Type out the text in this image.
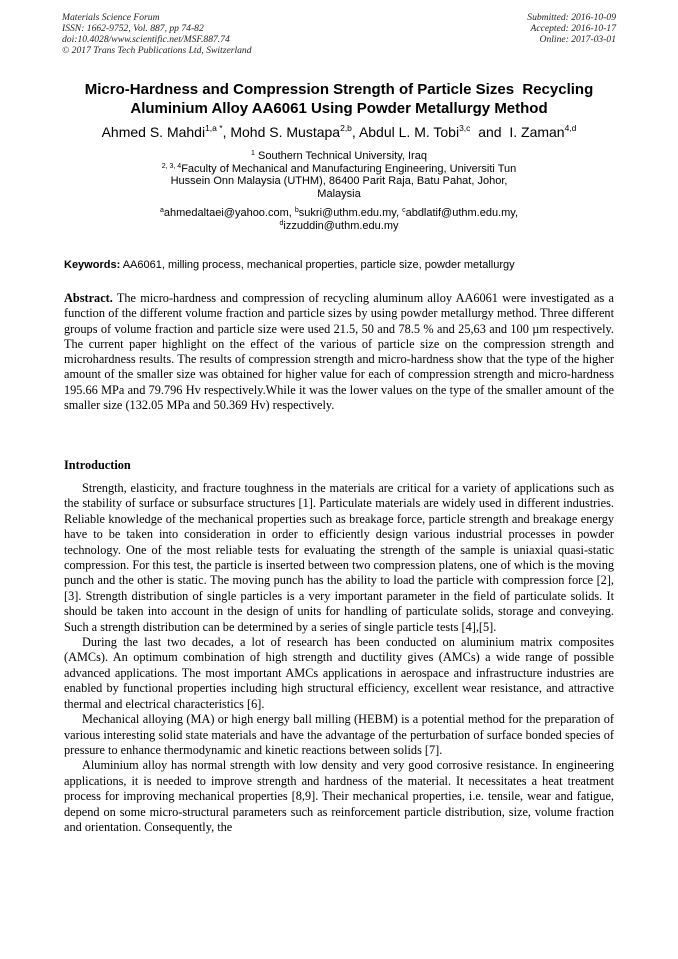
Materials Science Forum
ISSN: 1662-9752, Vol. 887, pp 74-82
doi:10.4028/www.scientific.net/MSF.887.74
© 2017 Trans Tech Publications Ltd, Switzerland
Submitted: 2016-10-09
Accepted: 2016-10-17
Online: 2017-03-01
Micro-Hardness and Compression Strength of Particle Sizes  Recycling
Aluminium Alloy AA6061 Using Powder Metallurgy Method
Ahmed S. Mahdi$^{1,a *}$, Mohd S. Mustapa$^{2,b}$, Abdul L. M. Tobi$^{3,c}$  and  I. Zaman$^{4,d}$
$^1$ Southern Technical University, Iraq
$^{2, 3, 4}$Faculty of Mechanical and Manufacturing Engineering, Universiti Tun
Hussein Onn Malaysia (UTHM), 86400 Parit Raja, Batu Pahat, Johor,
Malaysia
$^a$ahmedaltaei@yahoo.com, $^b$sukri@uthm.edu.my, $^c$abdlatif@uthm.edu.my,
$^d$izzuddin@uthm.edu.my
Keywords: AA6061, milling process, mechanical properties, particle size, powder metallurgy
Abstract. The micro-hardness and compression of recycling aluminum alloy AA6061 were investigated as a function of the different volume fraction and particle sizes by using powder metallurgy method. Three different groups of volume fraction and particle size were used 21.5, 50 and 78.5 % and 25,63 and 100 µm respectively. The current paper highlight on the effect of the various of particle size on the compression strength and microhardness results. The results of compression strength and micro-hardness show that the type of the higher amount of the smaller size was obtained for higher value for each of compression strength and micro-hardness 195.66 MPa and 79.796 Hv respectively.While it was the lower values on the type of the smaller amount of the smaller size (132.05 MPa and 50.369 Hv) respectively.
Introduction

Strength, elasticity, and fracture toughness in the materials are critical for a variety of applications such as the stability of surface or subsurface structures [1]. Particulate materials are widely used in different industries. Reliable knowledge of the mechanical properties such as breakage force, particle strength and breakage energy have to be taken into consideration in order to efficiently design various industrial processes in powder technology. One of the most reliable tests for evaluating the strength of the sample is uniaxial quasi-static compression. For this test, the particle is inserted between two compression platens, one of which is the moving punch and the other is static. The moving punch has the ability to load the particle with compression force [2],[3]. Strength distribution of single particles is a very important parameter in the field of particulate solids. It should be taken into account in the design of units for handling of particulate solids, storage and conveying. Such a strength distribution can be determined by a series of single particle tests [4],[5].

During the last two decades, a lot of research has been conducted on aluminium matrix composites (AMCs). An optimum combination of high strength and ductility gives (AMCs) a wide range of possible advanced applications. The most important AMCs applications in aerospace and infrastructure industries are enabled by functional properties including high structural efficiency, excellent wear resistance, and attractive thermal and electrical characteristics [6].

Mechanical alloying (MA) or high energy ball milling (HEBM) is a potential method for the preparation of various interesting solid state materials and have the advantage of the perturbation of surface bonded species of pressure to enhance thermodynamic and kinetic reactions between solids [7].

Aluminium alloy has normal strength with low density and very good corrosive resistance. In engineering applications, it is needed to improve strength and hardness of the material. It necessitates a heat treatment process for improving mechanical properties [8,9]. Their mechanical properties, i.e. tensile, wear and fatigue, depend on some micro-structural parameters such as reinforcement particle distribution, size, volume fraction and orientation. Consequently, the
